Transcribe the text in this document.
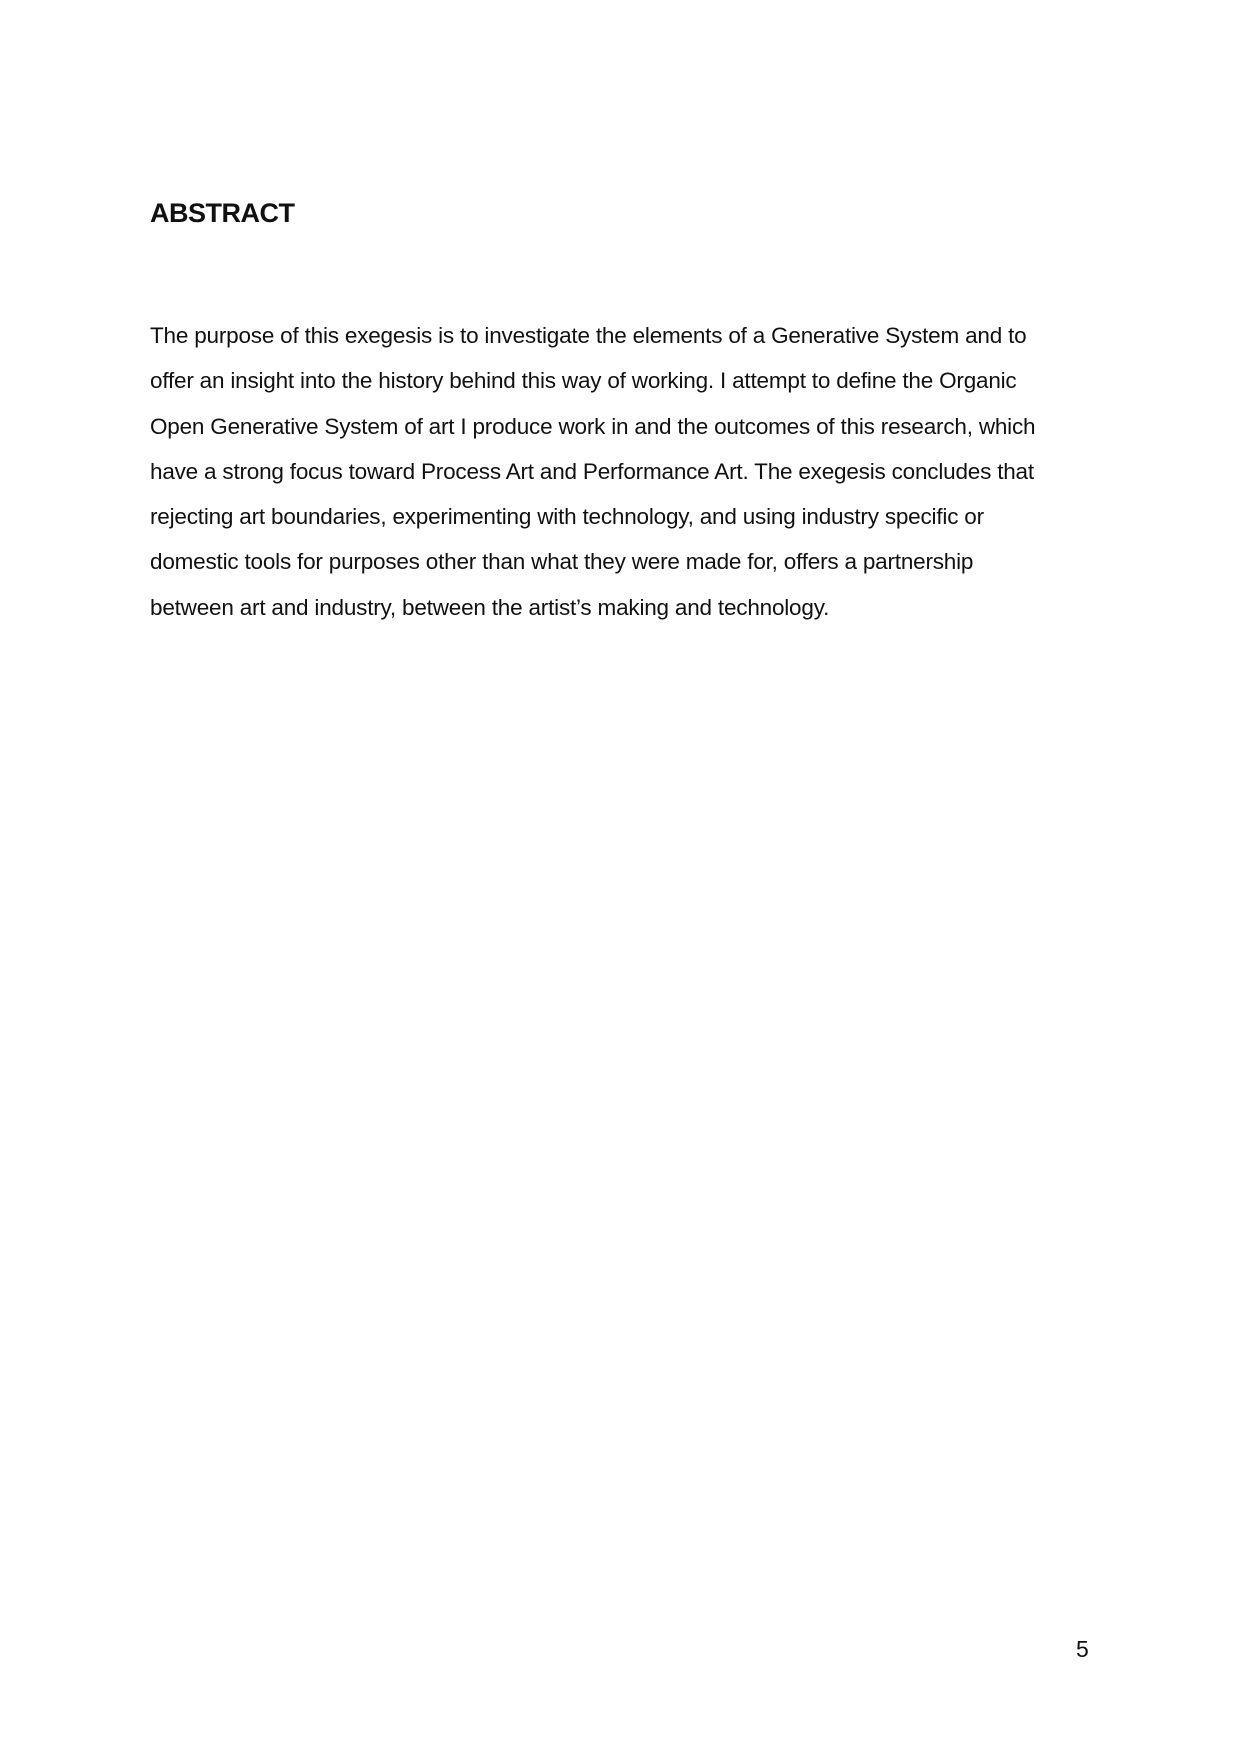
ABSTRACT
The purpose of this exegesis is to investigate the elements of a Generative System and to
offer an insight into the history behind this way of working. I attempt to define the Organic
Open Generative System of art I produce work in and the outcomes of this research, which
have a strong focus toward Process Art and Performance Art. The exegesis concludes that
rejecting art boundaries, experimenting with technology, and using industry specific or
domestic tools for purposes other than what they were made for, offers a partnership
between art and industry, between the artist’s making and technology.
5
